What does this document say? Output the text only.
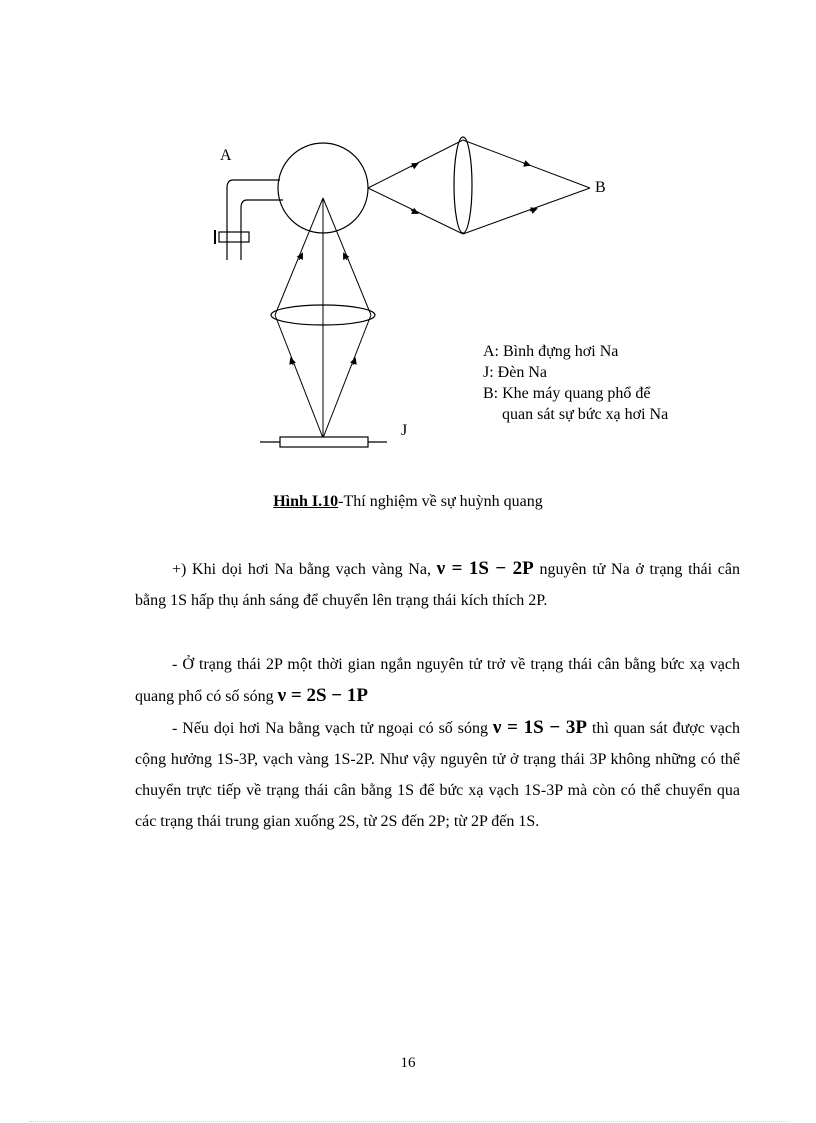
A
B
J
A: Bình đựng hơi Na
J: Đèn Na
B: Khe máy quang phổ để
quan sát sự bức xạ hơi Na
Hình I.10-Thí nghiệm về sự huỳnh quang
+) Khi dọi hơi Na bằng vạch vàng Na, ν = 1S − 2P nguyên tử Na ở trạng thái cân bằng 1S hấp thụ ánh sáng để chuyển lên trạng thái kích thích 2P.
- Ở trạng thái 2P một thời gian ngắn nguyên tử trở về trạng thái cân bằng bức xạ vạch quang phổ có số sóng ν = 2S − 1P
- Nếu dọi hơi Na bằng vạch tử ngoại có số sóng ν = 1S − 3P thì quan sát được vạch cộng hưởng 1S-3P, vạch vàng 1S-2P. Như vậy nguyên tử ở trạng thái 3P không những có thể chuyển trực tiếp về trạng thái cân bằng 1S để bức xạ vạch 1S-3P mà còn có thể chuyển qua các trạng thái trung gian xuống 2S, từ 2S đến 2P; từ 2P đến 1S.
16
